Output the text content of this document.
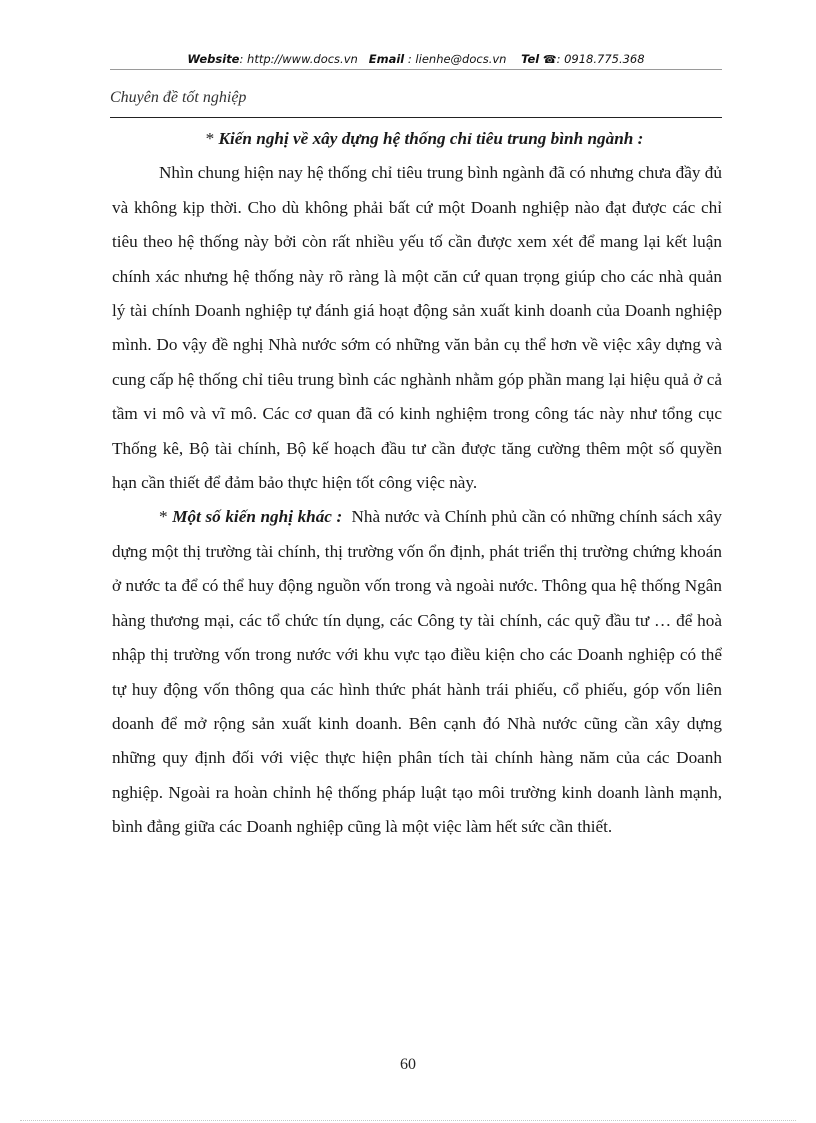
Website: http://www.docs.vn Email : lienhe@docs.vn Tel ☎: 0918.775.368
Chuyên đề tốt nghiệp

* Kiến nghị về xây dựng hệ thống chỉ tiêu trung bình ngành :

Nhìn chung hiện nay hệ thống chỉ tiêu trung bình ngành đã có nhưng chưa đầy đủ và không kịp thời. Cho dù không phải bất cứ một Doanh nghiệp nào đạt được các chỉ tiêu theo hệ thống này bởi còn rất nhiều yếu tố cần được xem xét để mang lại kết luận chính xác nhưng hệ thống này rõ ràng là một căn cứ quan trọng giúp cho các nhà quản lý tài chính Doanh nghiệp tự đánh giá hoạt động sản xuất kinh doanh của Doanh nghiệp mình. Do vậy đề nghị Nhà nước sớm có những văn bản cụ thể hơn về việc xây dựng và cung cấp hệ thống chỉ tiêu trung bình các nghành nhằm góp phần mang lại hiệu quả ở cả tầm vi mô và vĩ mô. Các cơ quan đã có kinh nghiệm trong công tác này như tổng cục Thống kê, Bộ tài chính, Bộ kế hoạch đầu tư cần được tăng cường thêm một số quyền hạn cần thiết để đảm bảo thực hiện tốt công việc này.

* Một số kiến nghị khác : Nhà nước và Chính phủ cần có những chính sách xây dựng một thị trường tài chính, thị trường vốn ổn định, phát triển thị trường chứng khoán ở nước ta để có thể huy động nguồn vốn trong và ngoài nước. Thông qua hệ thống Ngân hàng thương mại, các tổ chức tín dụng, các Công ty tài chính, các quỹ đầu tư … để hoà nhập thị trường vốn trong nước với khu vực tạo điều kiện cho các Doanh nghiệp có thể tự huy động vốn thông qua các hình thức phát hành trái phiếu, cổ phiếu, góp vốn liên doanh để mở rộng sản xuất kinh doanh. Bên cạnh đó Nhà nước cũng cần xây dựng những quy định đối với việc thực hiện phân tích tài chính hàng năm của các Doanh nghiệp. Ngoài ra hoàn chỉnh hệ thống pháp luật tạo môi trường kinh doanh lành mạnh, bình đẳng giữa các Doanh nghiệp cũng là một việc làm hết sức cần thiết.

60
